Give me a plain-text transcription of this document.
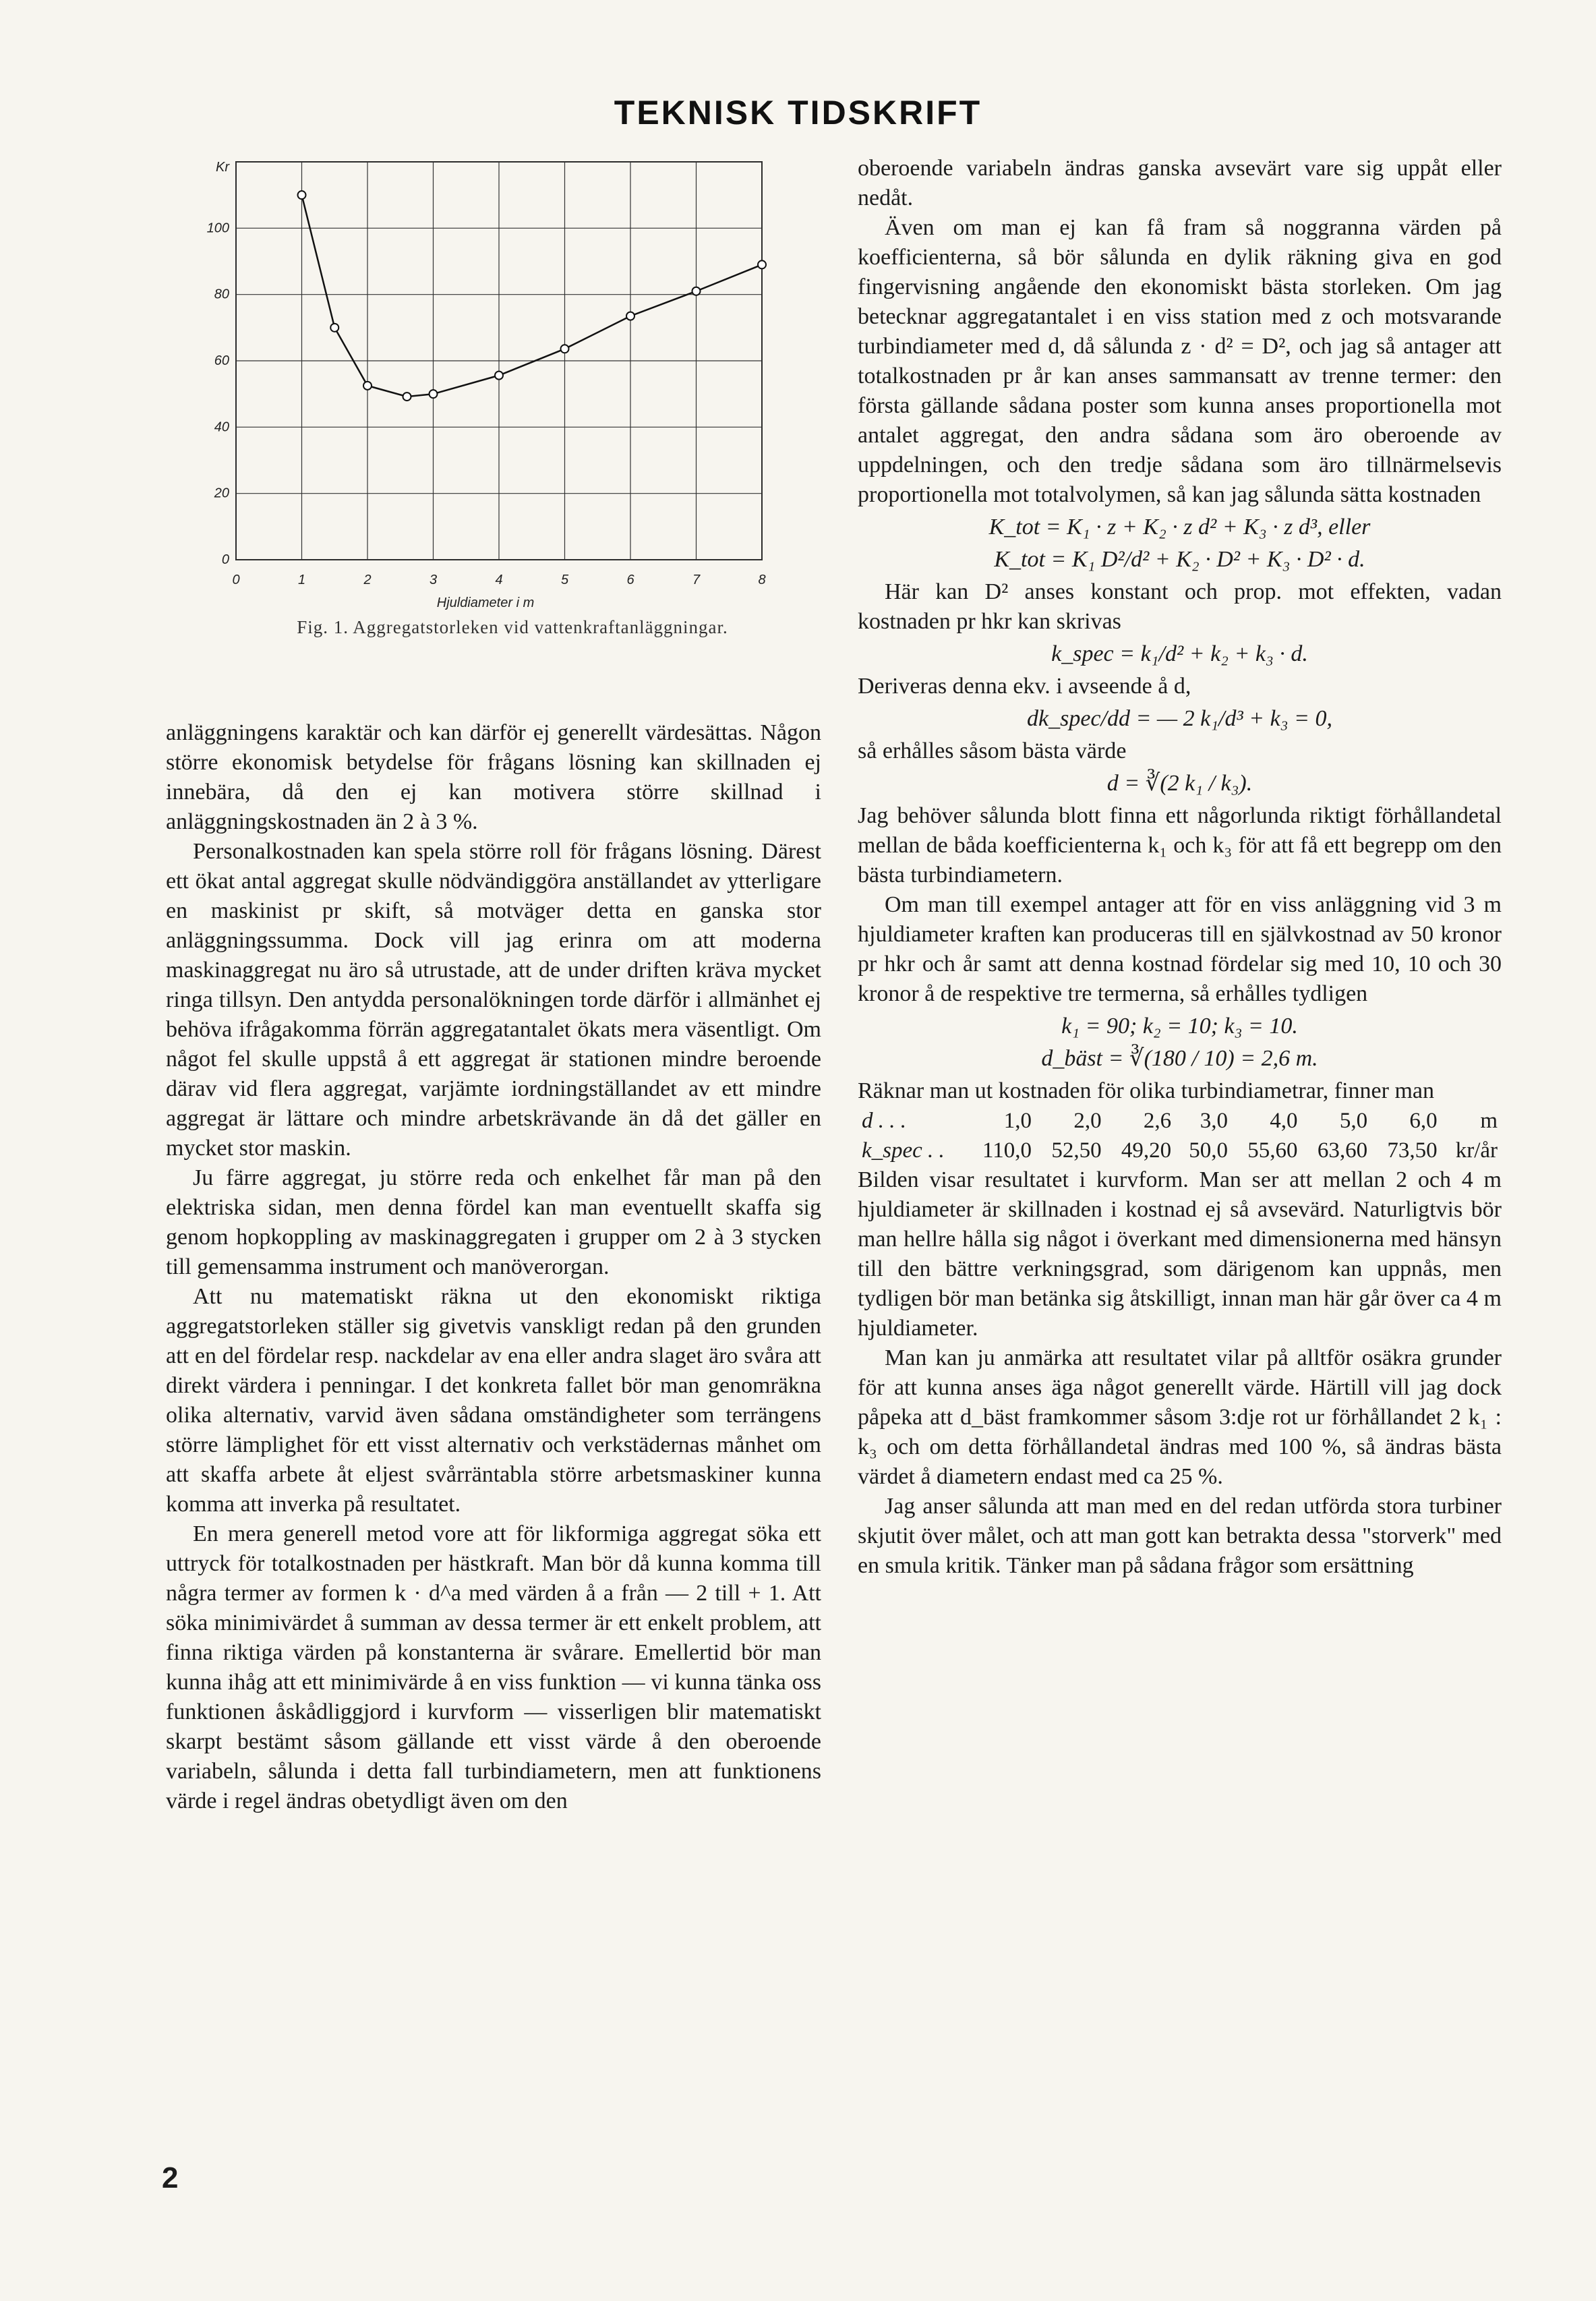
TEKNISK TIDSKRIFT
0	1	2	3	4	5	6	7	8
0
20
40
60
80
100
Kr
Hjuldiameter i m
Fig. 1. Aggregatstorleken vid vattenkraftanläggningar.

anläggningens karaktär och kan därför ej generellt värdesättas. Någon större ekonomisk betydelse för frågans lösning kan skillnaden ej innebära, då den ej kan motivera större skillnad i anläggningskostnaden än 2 à 3 %.

Personalkostnaden kan spela större roll för frågans lösning. Därest ett ökat antal aggregat skulle nödvändiggöra anställandet av ytterligare en maskinist pr skift, så motväger detta en ganska stor anläggningssumma. Dock vill jag erinra om att moderna maskinaggregat nu äro så utrustade, att de under driften kräva mycket ringa tillsyn. Den antydda personalökningen torde därför i allmänhet ej behöva ifrågakomma förrän aggregatantalet ökats mera väsentligt. Om något fel skulle uppstå å ett aggregat är stationen mindre beroende därav vid flera aggregat, varjämte iordningställandet av ett mindre aggregat är lättare och mindre arbetskrävande än då det gäller en mycket stor maskin.

Ju färre aggregat, ju större reda och enkelhet får man på den elektriska sidan, men denna fördel kan man eventuellt skaffa sig genom hopkoppling av maskinaggregaten i grupper om 2 à 3 stycken till gemensamma instrument och manöverorgan.

Att nu matematiskt räkna ut den ekonomiskt riktiga aggregatstorleken ställer sig givetvis vanskligt redan på den grunden att en del fördelar resp. nackdelar av ena eller andra slaget äro svåra att direkt värdera i penningar. I det konkreta fallet bör man genomräkna olika alternativ, varvid även sådana omständigheter som terrängens större lämplighet för ett visst alternativ och verkstädernas månhet om att skaffa arbete åt eljest svårräntabla större arbetsmaskiner kunna komma att inverka på resultatet.

En mera generell metod vore att för likformiga aggregat söka ett uttryck för totalkostnaden per hästkraft. Man bör då kunna komma till några termer av formen k · d^a med värden å a från — 2 till + 1. Att söka minimivärdet å summan av dessa termer är ett enkelt problem, att finna riktiga värden på konstanterna är svårare. Emellertid bör man kunna ihåg att ett minimivärde å en viss funktion — vi kunna tänka oss funktionen åskådliggjord i kurvform — visserligen blir matematiskt skarpt bestämt såsom gällande ett visst värde å den oberoende variabeln, sålunda i detta fall turbindiametern, men att funktionens värde i regel ändras obetydligt även om den

oberoende variabeln ändras ganska avsevärt vare sig uppåt eller nedåt.

Även om man ej kan få fram så noggranna värden på koefficienterna, så bör sålunda en dylik räkning giva en god fingervisning angående den ekonomiskt bästa storleken. Om jag betecknar aggregatantalet i en viss station med z och motsvarande turbindiameter med d, då sålunda z · d² = D², och jag så antager att totalkostnaden pr år kan anses sammansatt av trenne termer: den första gällande sådana poster som kunna anses proportionella mot antalet aggregat, den andra sådana som äro oberoende av uppdelningen, och den tredje sådana som äro tillnärmelsevis proportionella mot totalvolymen, så kan jag sålunda sätta kostnaden

K_tot = K₁ · z + K₂ · z d² + K₃ · z d³, eller
K_tot = K₁ D²/d² + K₂ · D² + K₃ · D² · d.

Här kan D² anses konstant och prop. mot effekten, vadan kostnaden pr hkr kan skrivas

k_spec = k₁/d² + k₂ + k₃ · d.

Deriveras denna ekv. i avseende å d,

dk_spec/dd = — 2 k₁/d³ + k₃ = 0,

så erhålles såsom bästa värde

d = ∛(2 k₁ / k₃).

Jag behöver sålunda blott finna ett någorlunda riktigt förhållandetal mellan de båda koefficienterna k₁ och k₃ för att få ett begrepp om den bästa turbindiametern.

Om man till exempel antager att för en viss anläggning vid 3 m hjuldiameter kraften kan produceras till en självkostnad av 50 kronor pr hkr och år samt att denna kostnad fördelar sig med 10, 10 och 30 kronor å de respektive tre termerna, så erhålles tydligen

k₁ = 90; k₂ = 10; k₃ = 10.
d_bäst = ∛(180 / 10) = 2,6 m.

Räknar man ut kostnaden för olika turbindiametrar, finner man

d . . .	1,0	2,0	2,6	3,0	4,0	5,0	6,0	m
k_spec . .	110,0	52,50	49,20	50,0	55,60	63,60	73,50	kr/år

Bilden visar resultatet i kurvform. Man ser att mellan 2 och 4 m hjuldiameter är skillnaden i kostnad ej så avsevärd. Naturligtvis bör man hellre hålla sig något i överkant med dimensionerna med hänsyn till den bättre verkningsgrad, som därigenom kan uppnås, men tydligen bör man betänka sig åtskilligt, innan man här går över ca 4 m hjuldiameter.

Man kan ju anmärka att resultatet vilar på alltför osäkra grunder för att kunna anses äga något generellt värde. Härtill vill jag dock påpeka att d_bäst framkommer såsom 3:dje rot ur förhållandet 2 k₁ : k₃ och om detta förhållandetal ändras med 100 %, så ändras bästa värdet å diametern endast med ca 25 %.

Jag anser sålunda att man med en del redan utförda stora turbiner skjutit över målet, och att man gott kan betrakta dessa "storverk" med en smula kritik. Tänker man på sådana frågor som ersättning

2
